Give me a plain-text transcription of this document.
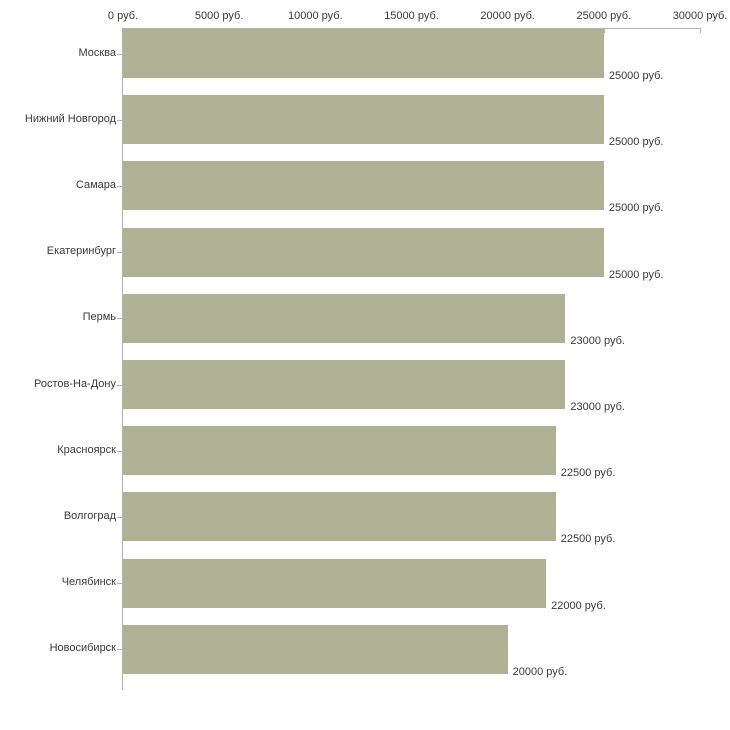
0 руб.	5000 руб.	10000 руб.	15000 руб.	20000 руб.	25000 руб.	30000 руб.
Москва
25000 руб.
Нижний Новгород
25000 руб.
Самара
25000 руб.
Екатеринбург
25000 руб.
Пермь
23000 руб.
Ростов-На-Дону
23000 руб.
Красноярск
22500 руб.
Волгоград
22500 руб.
Челябинск
22000 руб.
Новосибирск
20000 руб.
